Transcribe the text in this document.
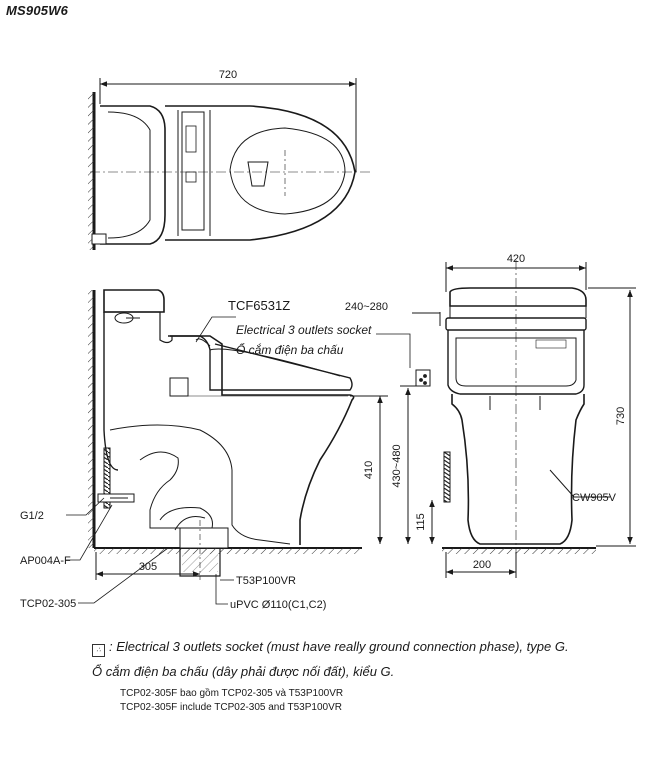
MS905W6
720
TCF6531Z
Electrical 3 outlets socket
Ổ cắm điện ba chấu
240~280
420
410 430~480
115
730
305	200
G1/2
AP004A-F
TCP02-305
T53P100VR
uPVC Ø110(C1,C2)
CW905V
∴ : Electrical 3 outlets socket (must have really ground connection phase), type G.
Ổ cắm điện ba chấu (dây phải được nối đất), kiểu G.
TCP02-305F bao gồm TCP02-305 và T53P100VR
TCP02-305F include TCP02-305 and T53P100VR
